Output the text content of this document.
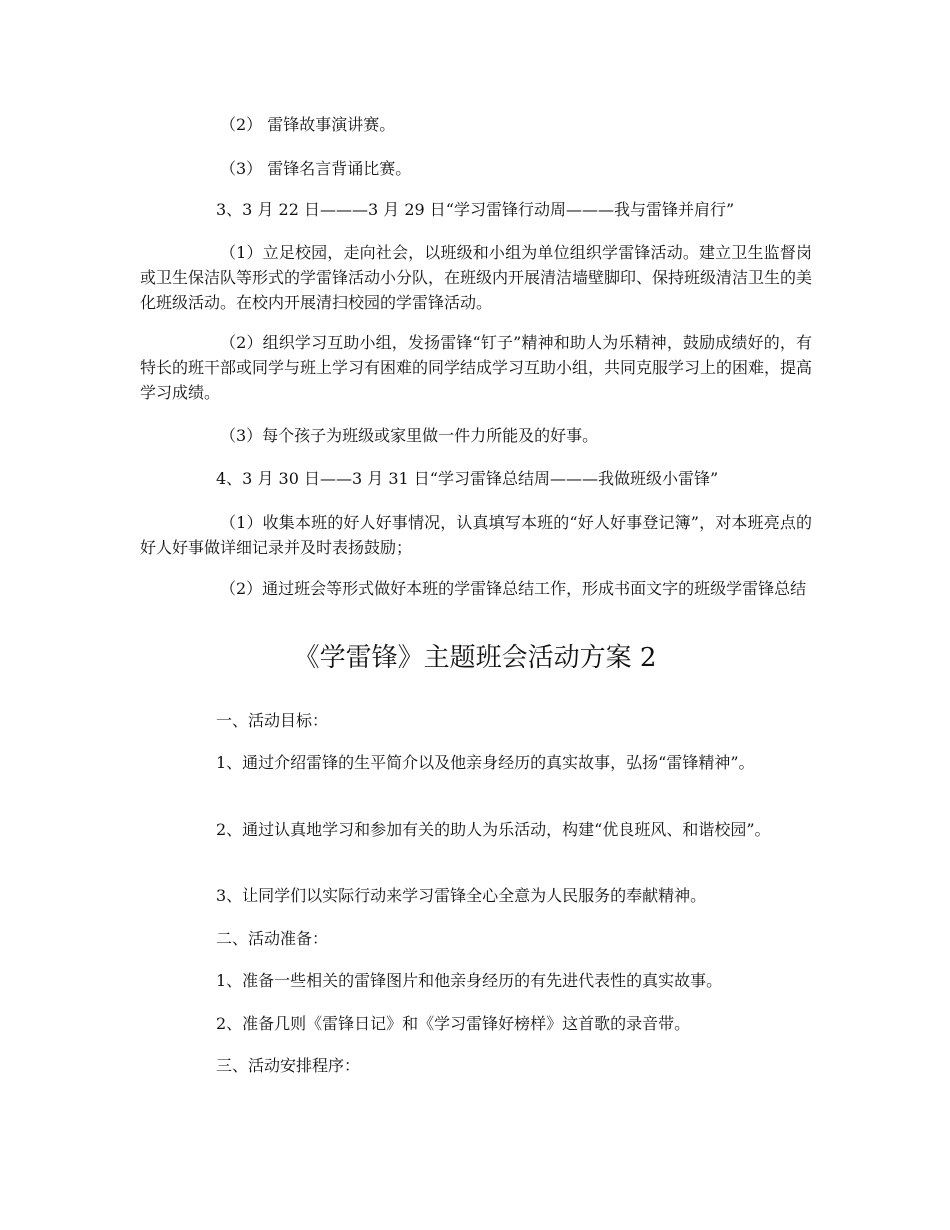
（2） 雷锋故事演讲赛。

（3） 雷锋名言背诵比赛。

3、3 月 22 日———3 月 29 日“学习雷锋行动周———我与雷锋并肩行”

（1）立足校园，走向社会，以班级和小组为单位组织学雷锋活动。建立卫生监督岗或卫生保洁队等形式的学雷锋活动小分队，在班级内开展清洁墙壁脚印、保持班级清洁卫生的美化班级活动。在校内开展清扫校园的学雷锋活动。

（2）组织学习互助小组，发扬雷锋“钉子”精神和助人为乐精神，鼓励成绩好的，有特长的班干部或同学与班上学习有困难的同学结成学习互助小组，共同克服学习上的困难，提高学习成绩。

（3）每个孩子为班级或家里做一件力所能及的好事。

4、3 月 30 日——3 月 31 日“学习雷锋总结周———我做班级小雷锋”

（1）收集本班的好人好事情况，认真填写本班的“好人好事登记簿”，对本班亮点的好人好事做详细记录并及时表扬鼓励；

（2）通过班会等形式做好本班的学雷锋总结工作，形成书面文字的班级学雷锋总结

《学雷锋》主题班会活动方案 2

一、活动目标：

1、通过介绍雷锋的生平简介以及他亲身经历的真实故事，弘扬“雷锋精神”。

2、通过认真地学习和参加有关的助人为乐活动，构建“优良班风、和谐校园”。

3、让同学们以实际行动来学习雷锋全心全意为人民服务的奉献精神。

二、活动准备：

1、准备一些相关的雷锋图片和他亲身经历的有先进代表性的真实故事。

2、准备几则《雷锋日记》和《学习雷锋好榜样》这首歌的录音带。

三、活动安排程序：
